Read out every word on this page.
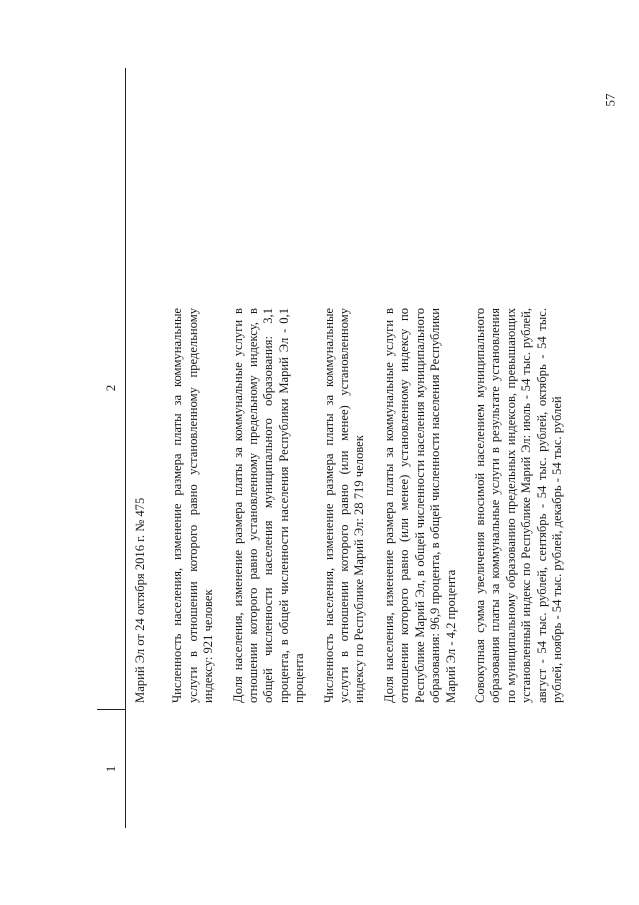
57
1
2

Марий Эл от 24 октября 2016 г. № 475 Численность населения, изменение размера платы за коммунальные услуги в отношении которого равно установленному предельному индексу: 921 человек Доля населения, изменение размера платы за коммунальные услуги в отношении которого равно установленному предельному индексу, в общей численности населения муниципального образования: 3,1 процента, в общей численности населения Республики Марий Эл - 0,1 процента Численность населения, изменение размера платы за коммунальные услуги в отношении которого равно (или менее) установленному индексу по Республике Марий Эл: 28 719 человек Доля населения, изменение размера платы за коммунальные услуги в отношении которого равно (или менее) установленному индексу по Республике Марий Эл, в общей численности населения муниципального образования: 96,9 процента, в общей численности населения Республики Марий Эл - 4,2 процента Совокупная сумма увеличения вносимой населением муниципального образования платы за коммунальные услуги в результате установления по муниципальному образованию предельных индексов, превышающих установленный индекс по Республике Марий Эл: июль - 54 тыс. рублей, август - 54 тыс. рублей, сентябрь - 54 тыс. рублей, октябрь - 54 тыс. рублей, ноябрь - 54 тыс. рублей, декабрь - 54 тыс. рублей
